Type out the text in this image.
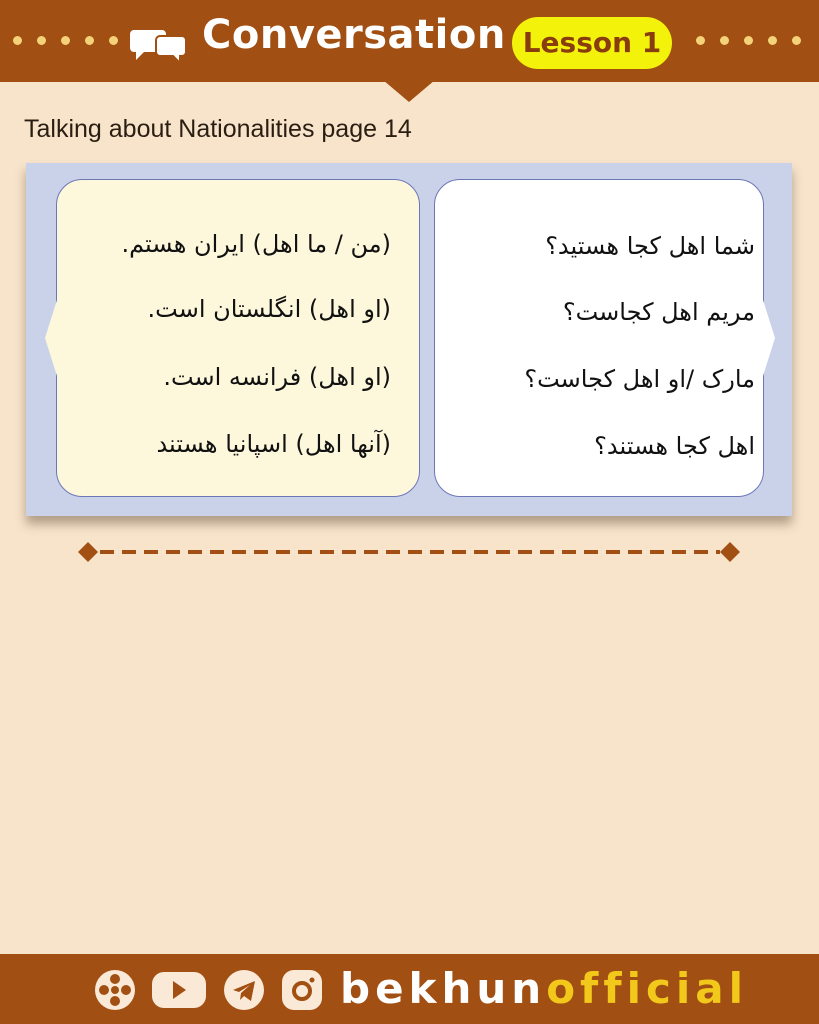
Conversation Lesson 1
Talking about Nationalities page 14
(من / ما اهل) ایران هستم.
(او اهل) انگلستان است.
(او اهل) فرانسه است.
(آنها اهل) اسپانیا هستند
شما اهل کجا هستید؟
مریم اهل کجاست؟
مارک /او اهل کجاست؟
اهل کجا هستند؟
bekhunofficial
